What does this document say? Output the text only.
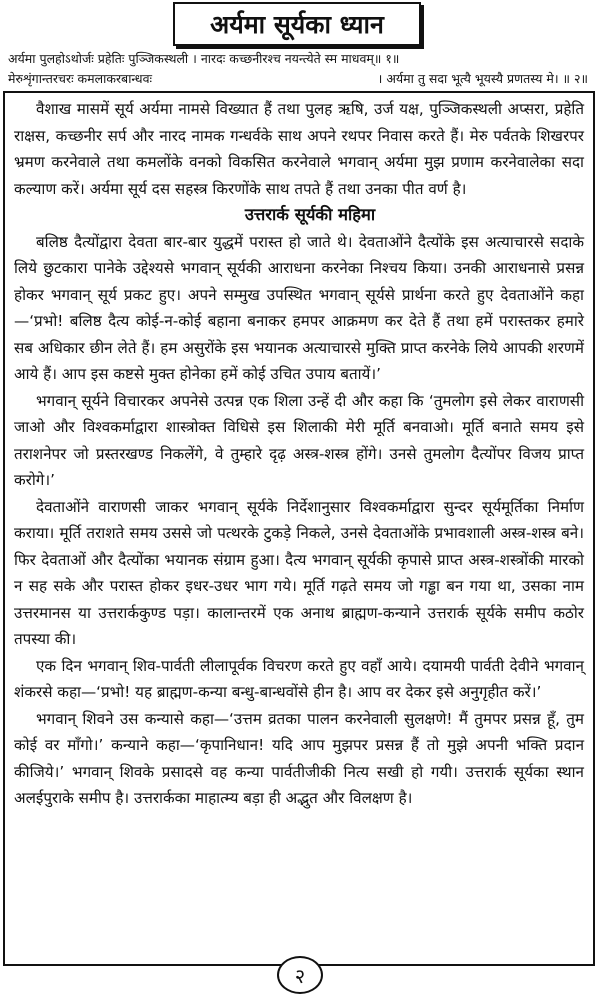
अर्यमा सूर्यका ध्यान
अर्यमा पुलहोऽथोर्जः प्रहेतिः पुञ्जिकस्थली । नारदः कच्छनीरश्च नयन्त्येते स्म माधवम्॥ १॥
मेरुशृंगान्तरचरः कमलाकरबान्धवः	। अर्यमा तु सदा भूत्यै भूयस्यै प्रणतस्य मे। ॥ २॥

वैशाख मासमें सूर्य अर्यमा नामसे विख्यात हैं तथा पुलह ऋषि, उर्ज यक्ष, पुञ्जिकस्थली अप्सरा, प्रहेति राक्षस, कच्छनीर सर्प और नारद नामक गन्धर्वके साथ अपने रथपर निवास करते हैं। मेरु पर्वतके शिखरपर भ्रमण करनेवाले तथा कमलोंके वनको विकसित करनेवाले भगवान् अर्यमा मुझ प्रणाम करनेवालेका सदा कल्याण करें। अर्यमा सूर्य दस सहस्त्र किरणोंके साथ तपते हैं तथा उनका पीत वर्ण है।

उत्तरार्क सूर्यकी महिमा

बलिष्ठ दैत्योंद्वारा देवता बार-बार युद्धमें परास्त हो जाते थे। देवताओंने दैत्योंके इस अत्याचारसे सदाके लिये छुटकारा पानेके उद्देश्यसे भगवान् सूर्यकी आराधना करनेका निश्चय किया। उनकी आराधनासे प्रसन्न होकर भगवान् सूर्य प्रकट हुए। अपने सम्मुख उपस्थित भगवान् सूर्यसे प्रार्थना करते हुए देवताओंने कहा—‘प्रभो! बलिष्ठ दैत्य कोई-न-कोई बहाना बनाकर हमपर आक्रमण कर देते हैं तथा हमें परास्तकर हमारे सब अधिकार छीन लेते हैं। हम असुरोंके इस भयानक अत्याचारसे मुक्ति प्राप्त करनेके लिये आपकी शरणमें आये हैं। आप इस कष्टसे मुक्त होनेका हमें कोई उचित उपाय बतायें।’

भगवान् सूर्यने विचारकर अपनेसे उत्पन्न एक शिला उन्हें दी और कहा कि ‘तुमलोग इसे लेकर वाराणसी जाओ और विश्वकर्माद्वारा शास्त्रोक्त विधिसे इस शिलाकी मेरी मूर्ति बनवाओ। मूर्ति बनाते समय इसे तराशनेपर जो प्रस्तरखण्ड निकलेंगे, वे तुम्हारे दृढ़ अस्त्र-शस्त्र होंगे। उनसे तुमलोग दैत्योंपर विजय प्राप्त करोगे।’

देवताओंने वाराणसी जाकर भगवान् सूर्यके निर्देशानुसार विश्वकर्माद्वारा सुन्दर सूर्यमूर्तिका निर्माण कराया। मूर्ति तराशते समय उससे जो पत्थरके टुकड़े निकले, उनसे देवताओंके प्रभावशाली अस्त्र-शस्त्र बने। फिर देवताओं और दैत्योंका भयानक संग्राम हुआ। दैत्य भगवान् सूर्यकी कृपासे प्राप्त अस्त्र-शस्त्रोंकी मारको न सह सके और परास्त होकर इधर-उधर भाग गये। मूर्ति गढ़ते समय जो गड्ढा बन गया था, उसका नाम उत्तरमानस या उत्तरार्ककुण्ड पड़ा। कालान्तरमें एक अनाथ ब्राह्मण-कन्याने उत्तरार्क सूर्यके समीप कठोर तपस्या की।

एक दिन भगवान् शिव-पार्वती लीलापूर्वक विचरण करते हुए वहाँ आये। दयामयी पार्वती देवीने भगवान् शंकरसे कहा—‘प्रभो! यह ब्राह्मण-कन्या बन्धु-बान्धवोंसे हीन है। आप वर देकर इसे अनुगृहीत करें।’

भगवान् शिवने उस कन्यासे कहा—‘उत्तम व्रतका पालन करनेवाली सुलक्षणे! मैं तुमपर प्रसन्न हूँ, तुम कोई वर माँगो।’ कन्याने कहा—‘कृपानिधान! यदि आप मुझपर प्रसन्न हैं तो मुझे अपनी भक्ति प्रदान कीजिये।’ भगवान् शिवके प्रसादसे वह कन्या पार्वतीजीकी नित्य सखी हो गयी। उत्तरार्क सूर्यका स्थान अलईपुराके समीप है। उत्तरार्कका माहात्म्य बड़ा ही अद्भुत और विलक्षण है।

२
